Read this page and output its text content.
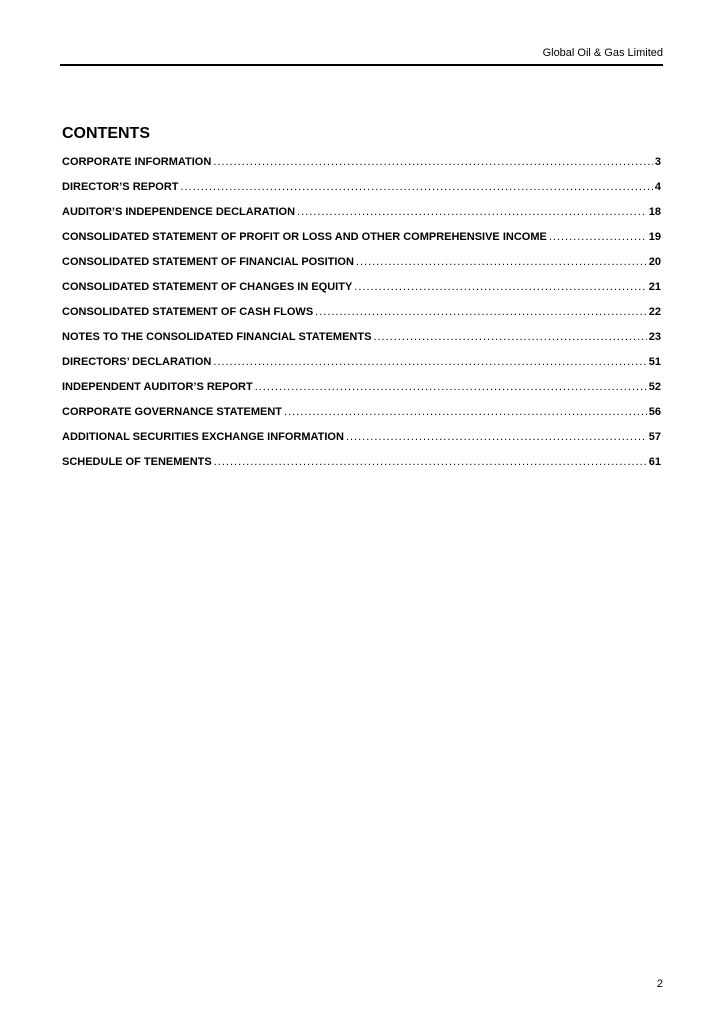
Global Oil & Gas Limited
CONTENTS
CORPORATE INFORMATION .....	3
DIRECTOR’S REPORT .....	4
AUDITOR’S INDEPENDENCE DECLARATION .....	18
CONSOLIDATED STATEMENT OF PROFIT OR LOSS AND OTHER COMPREHENSIVE INCOME .....	19
CONSOLIDATED STATEMENT OF FINANCIAL POSITION .....	20
CONSOLIDATED STATEMENT OF CHANGES IN EQUITY .....	21
CONSOLIDATED STATEMENT OF CASH FLOWS .....	22
NOTES TO THE CONSOLIDATED FINANCIAL STATEMENTS .....	23
DIRECTORS’ DECLARATION .....	51
INDEPENDENT AUDITOR’S REPORT .....	52
CORPORATE GOVERNANCE STATEMENT .....	56
ADDITIONAL SECURITIES EXCHANGE INFORMATION .....	57
SCHEDULE OF TENEMENTS .....	61
2
